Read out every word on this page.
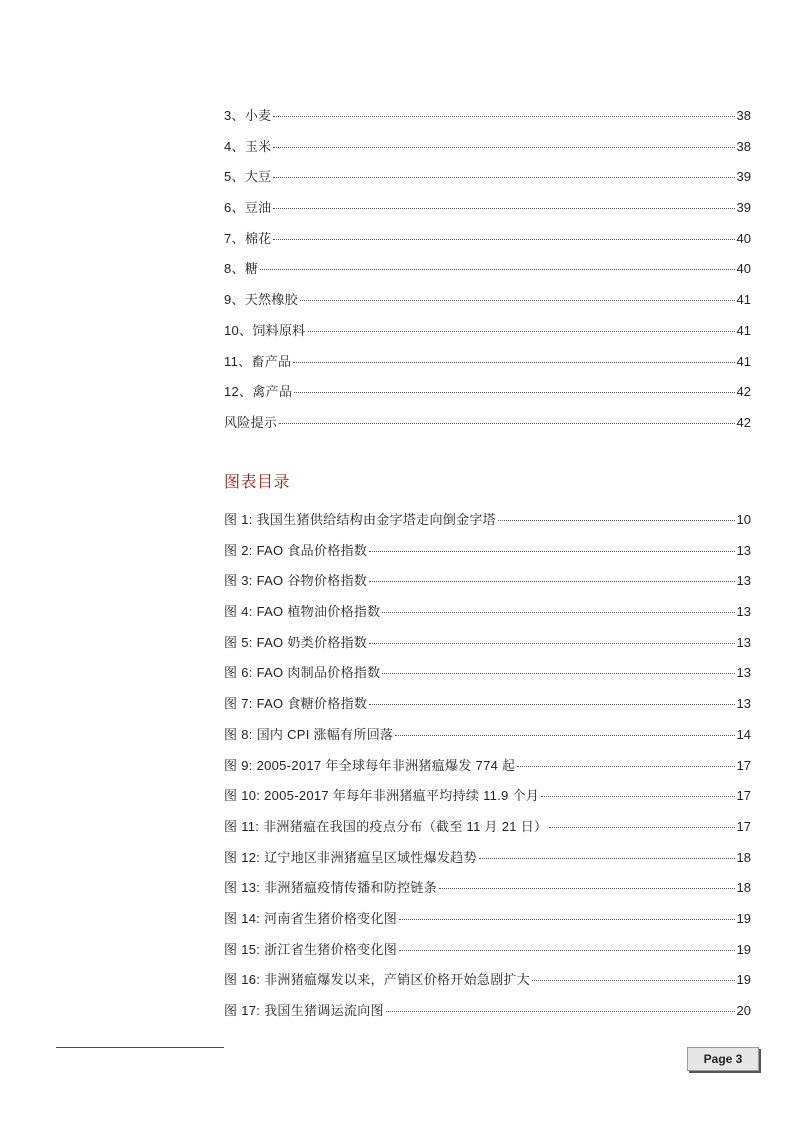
3、小麦	38
4、玉米	38
5、大豆	39
6、豆油	39
7、棉花	40
8、糖	40
9、天然橡胶	41
10、饲料原料	41
11、畜产品	41
12、禽产品	42
风险提示	42
图表目录
图 1: 我国生猪供给结构由金字塔走向倒金字塔	10
图 2: FAO 食品价格指数	13
图 3: FAO 谷物价格指数	13
图 4: FAO 植物油价格指数	13
图 5: FAO 奶类价格指数	13
图 6: FAO 肉制品价格指数	13
图 7: FAO 食糖价格指数	13
图 8: 国内 CPI 涨幅有所回落	14
图 9: 2005-2017 年全球每年非洲猪瘟爆发 774 起	17
图 10: 2005-2017 年每年非洲猪瘟平均持续 11.9 个月	17
图 11: 非洲猪瘟在我国的疫点分布（截至 11 月 21 日）	17
图 12: 辽宁地区非洲猪瘟呈区域性爆发趋势	18
图 13: 非洲猪瘟疫情传播和防控链条	18
图 14: 河南省生猪价格变化图	19
图 15: 浙江省生猪价格变化图	19
图 16: 非洲猪瘟爆发以来，产销区价格开始急剧扩大	19
图 17: 我国生猪调运流向图	20
Page 3
